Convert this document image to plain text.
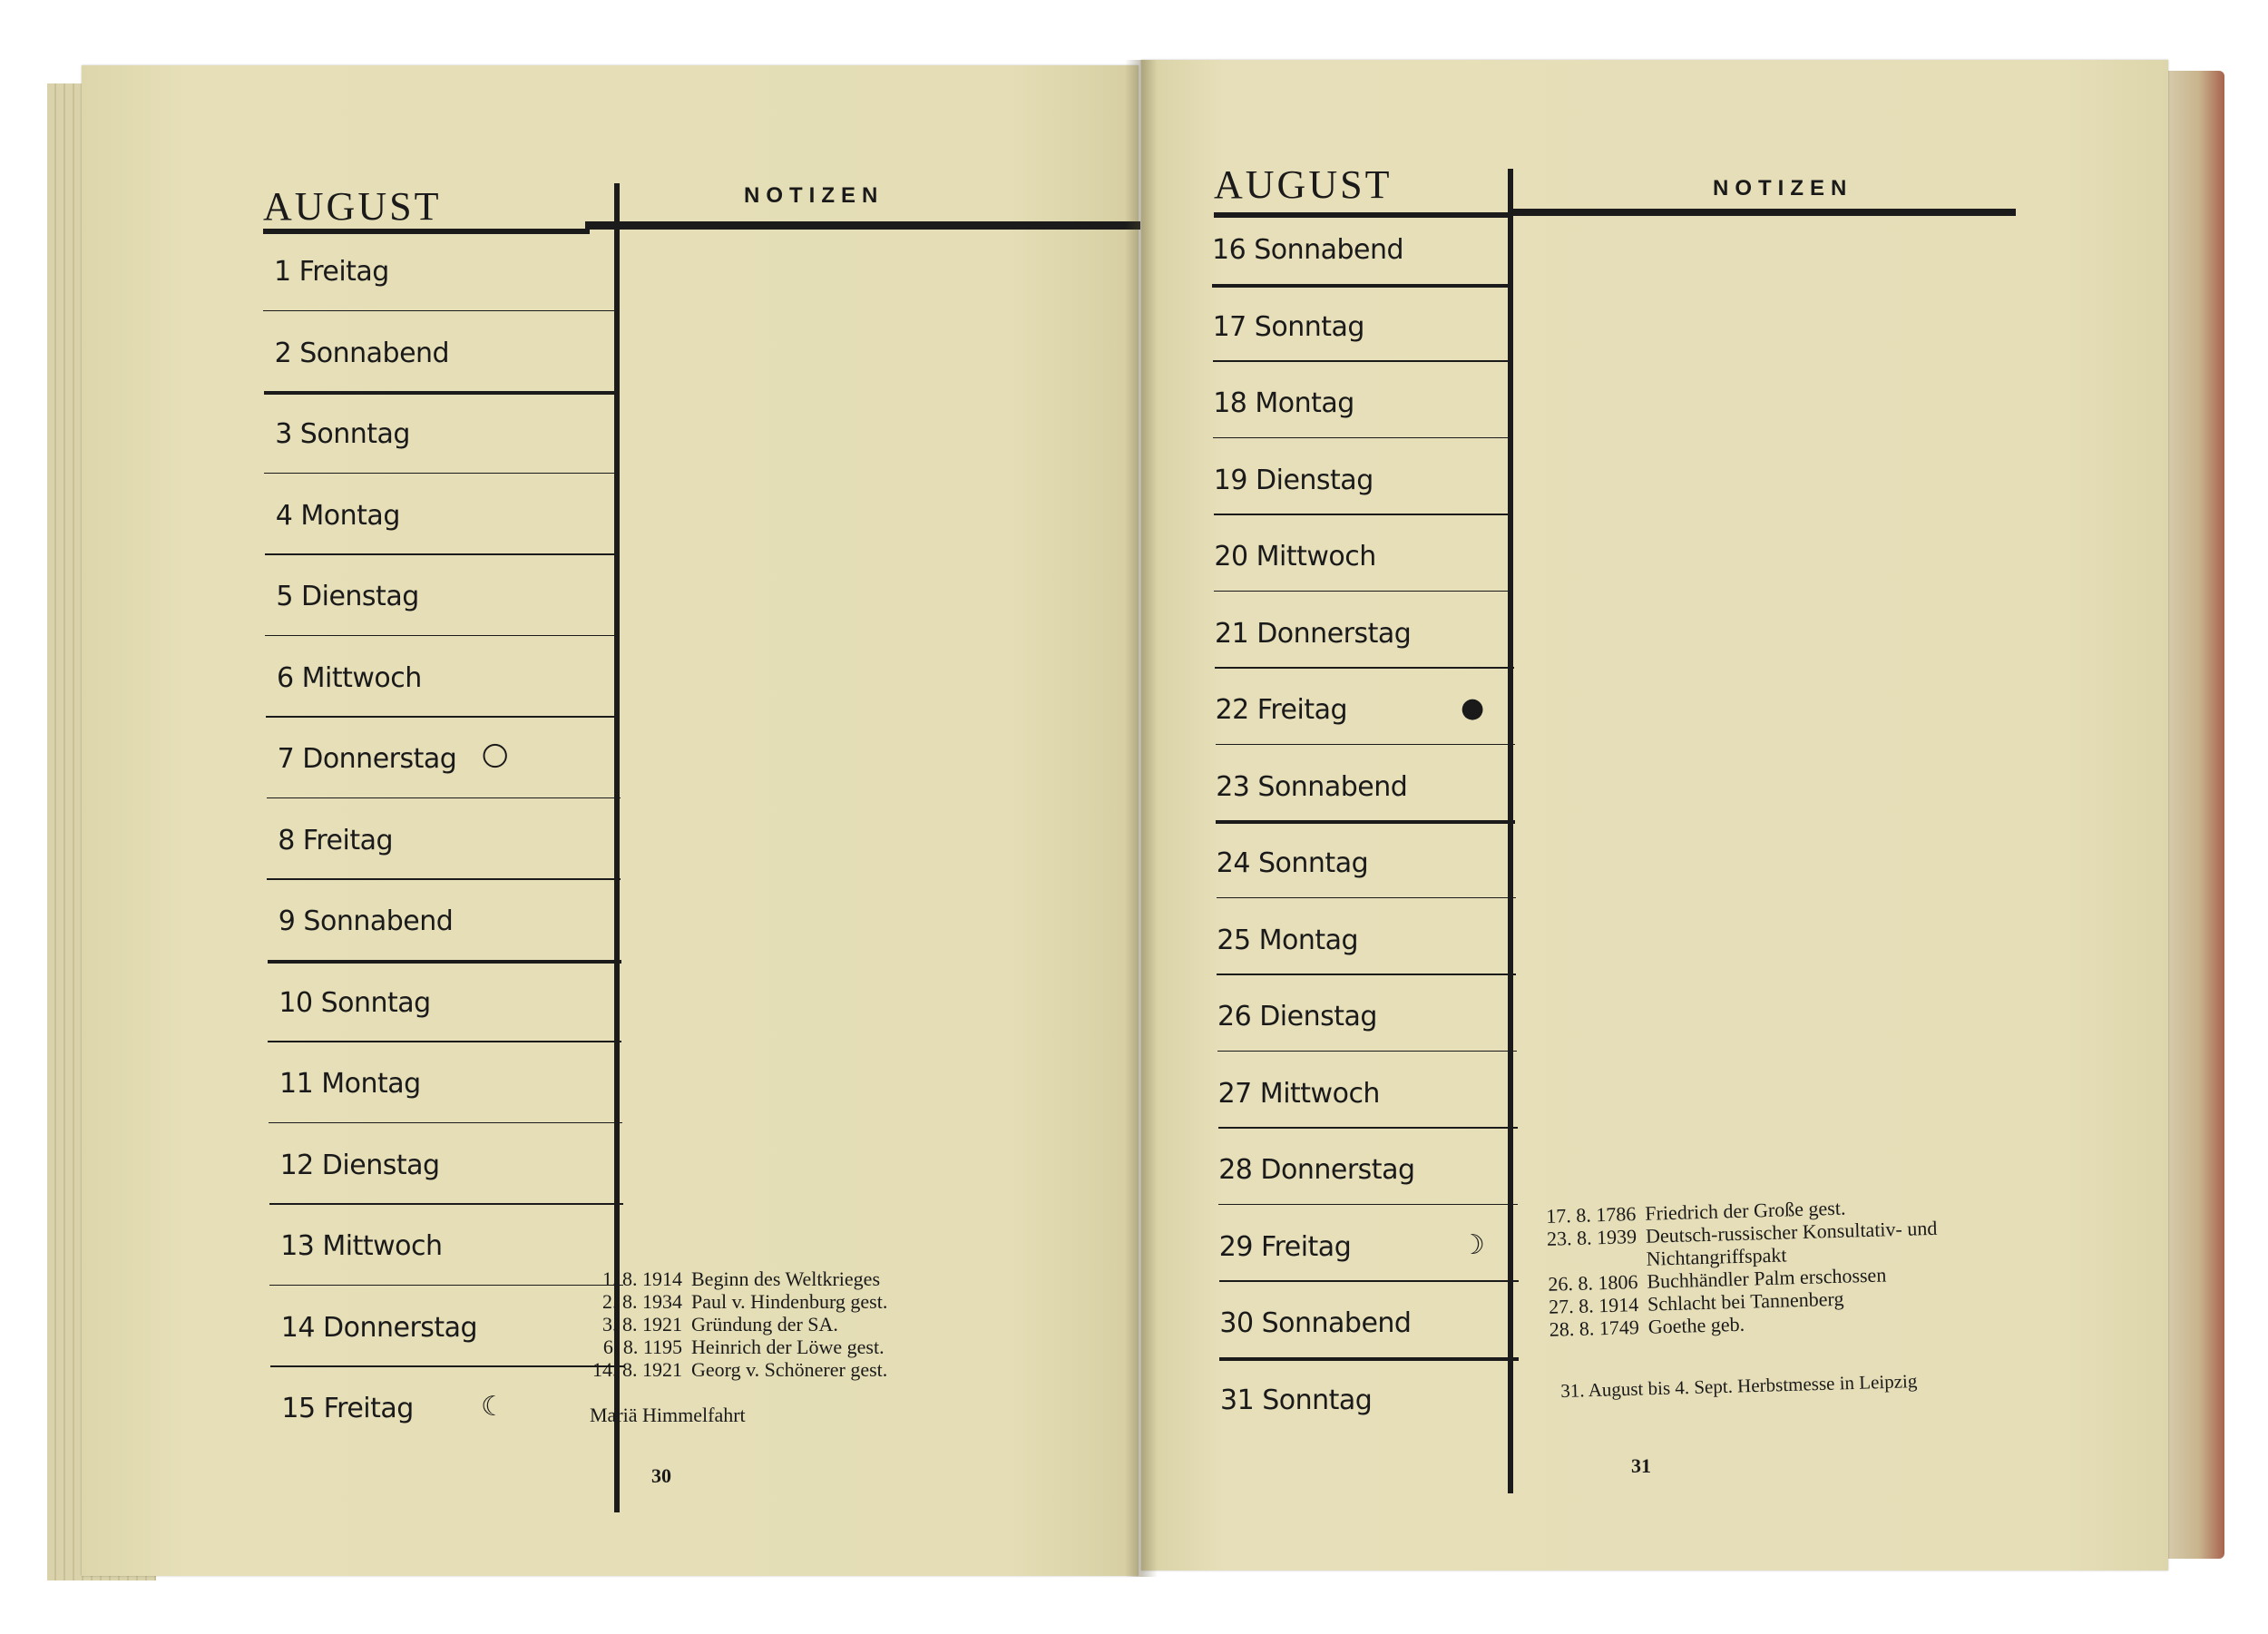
AUGUST	NOTIZEN
1 Freitag
2 Sonnabend
3 Sonntag
4 Montag
5 Dienstag
6 Mittwoch
7 Donnerstag 🌕
8 Freitag
9 Sonnabend
10 Sonntag
11 Montag
12 Dienstag
13 Mittwoch
14 Donnerstag
15 Freitag ☾
1. 8. 1914 Beginn des Weltkrieges
2. 8. 1934 Paul v. Hindenburg gest.
3. 8. 1921 Gründung der SA.
6. 8. 1195 Heinrich der Löwe gest.
14. 8. 1921 Georg v. Schönerer gest.
Mariä Himmelfahrt
30
AUGUST	NOTIZEN
16 Sonnabend
17 Sonntag
18 Montag
19 Dienstag
20 Mittwoch
21 Donnerstag
22 Freitag	●
23 Sonnabend
24 Sonntag
25 Montag
26 Dienstag
27 Mittwoch
28 Donnerstag
29 Freitag	☽
30 Sonnabend
31 Sonntag
17. 8. 1786 Friedrich der Große gest.
23. 8. 1939 Deutsch-russischer Konsultativ- und
Nichtangriffspakt
26. 8. 1806 Buchhändler Palm erschossen
27. 8. 1914 Schlacht bei Tannenberg
28. 8. 1749 Goethe geb.
31. August bis 4. Sept. Herbstmesse in Leipzig
31
